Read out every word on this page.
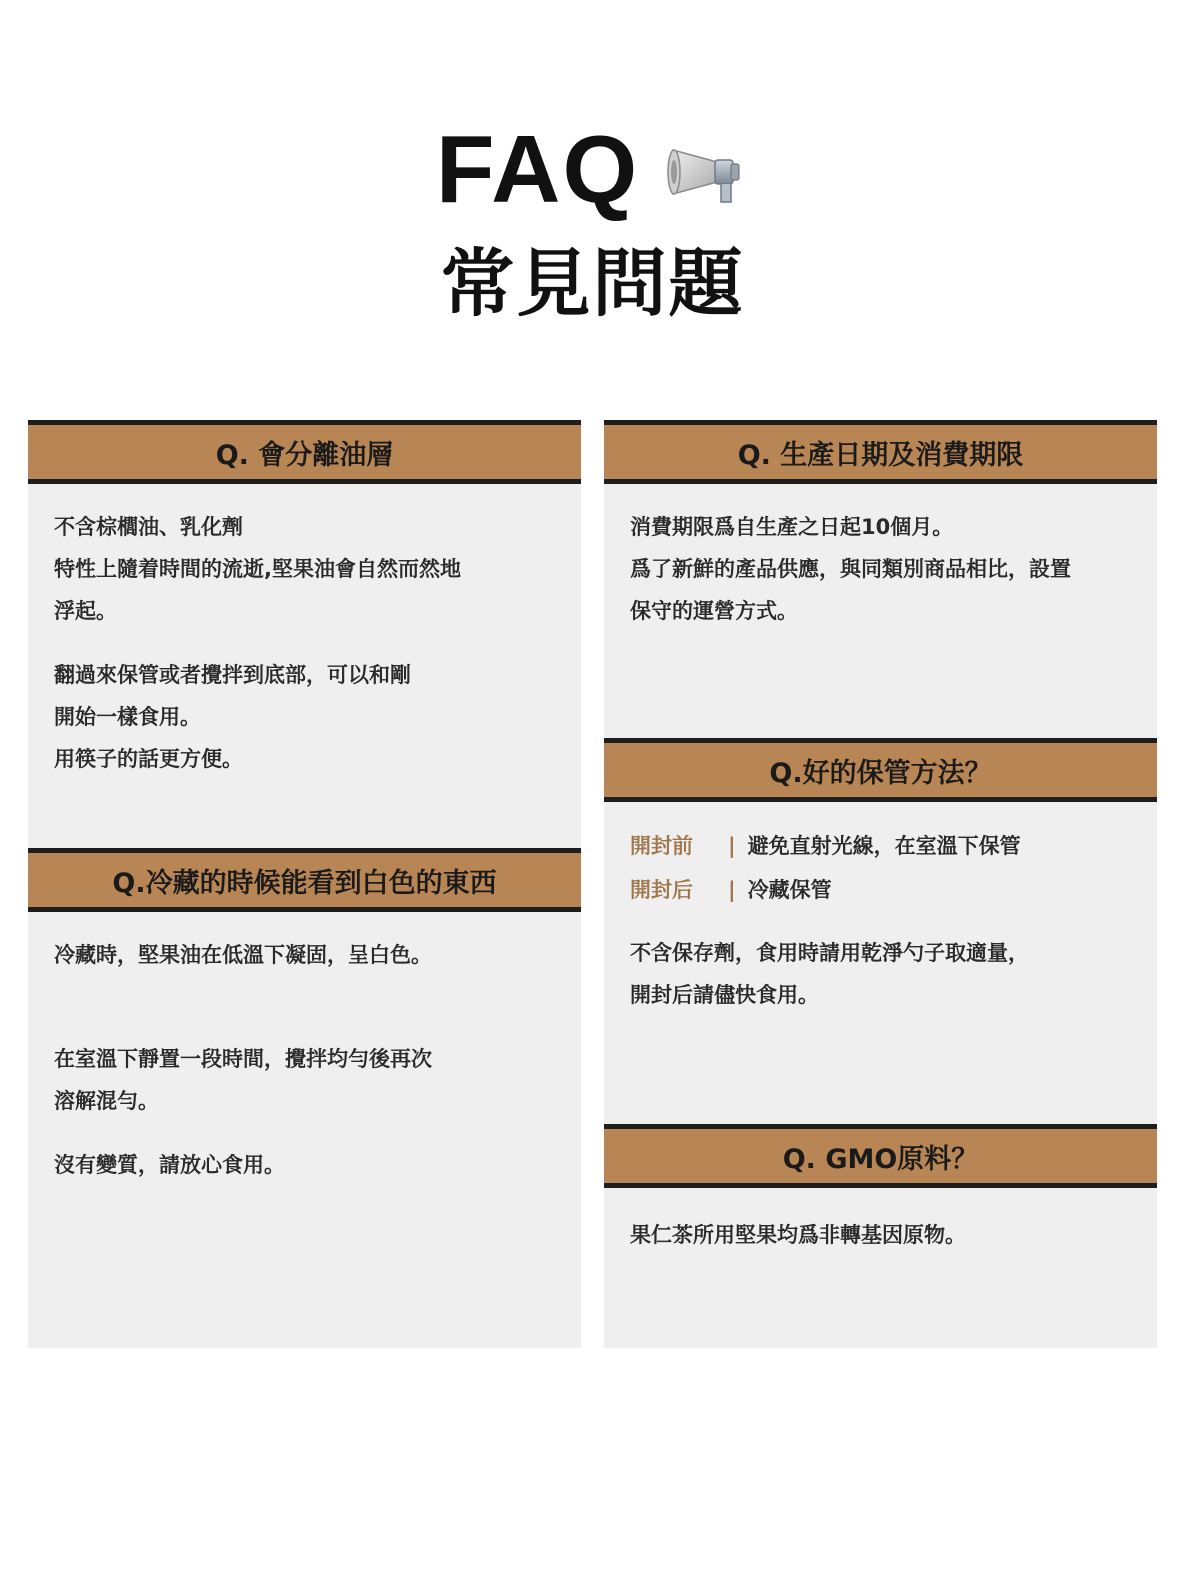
FAQ
常見問題
Q. 會分離油層

不含棕櫚油、乳化劑

特性上隨着時間的流逝,堅果油會自然而然地

浮起。

翻過來保管或者攪拌到底部，可以和剛

開始一樣食用。

用筷子的話更方便。

Q.冷藏的時候能看到白色的東西

冷藏時，堅果油在低溫下凝固，呈白色。

在室溫下靜置一段時間，攪拌均勻後再次

溶解混勻。

沒有變質，請放心食用。

Q. 生產日期及消費期限

消費期限爲自生產之日起10個月。

爲了新鮮的產品供應，與同類別商品相比，設置

保守的運營方式。

Q.好的保管方法？
開封前	| 避免直射光線，在室溫下保管
開封后	| 冷藏保管

不含保存劑，食用時請用乾淨勺子取適量，

開封后請儘快食用。

Q. GMO原料？

果仁茶所用堅果均爲非轉基因原物。
